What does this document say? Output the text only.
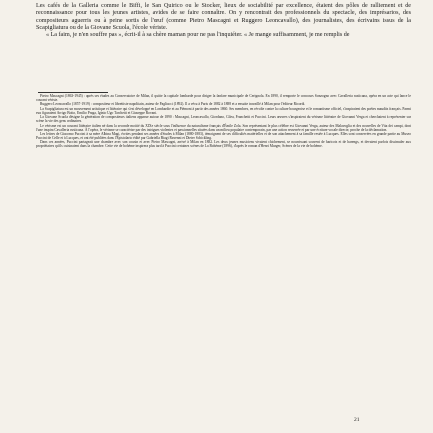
Les cafés de la Galleria comme le Biffi, le San Quirico ou le Stocker, lieux de sociabilité par excellence, étaient des pôles de ralliement et de reconnaissance pour tous les jeunes artistes, avides de se faire connaître. On y rencontrait des professionnels du spectacle, des imprésarios, des compositeurs aguerris ou à peine sortis de l'œuf (comme Pietro Mascagni et Ruggero Leoncavallo), des journalistes, des écrivains issus de la Scapigliatura ou de la Giovane Scuola, l'école vériste.

« La faim, je n'en souffre pas », écrit-il à sa chère maman pour ne pas l'inquiéter. « Je mange suffisamment, je me remplis de

Pietro Mascagni (1863-1945) : après ses études au Conservatoire de Milan, il quitte la capitale lombarde pour diriger la fanfare municipale de Cerignola. En 1890, il remporte le concours Sonzogno avec Cavalleria rusticana, opéra en un acte qui lance le courant vériste.

Ruggero Leoncavallo (1857-1919) : compositeur et librettiste napolitain, auteur de Pagliacci (1892). Il a vécu à Paris de 1882 à 1888 et a ensuite travaillé à Milan pour l'éditeur Ricordi.

La Scapigliatura est un mouvement artistique et littéraire qui s'est développé en Lombardie et au Piémont à partir des années 1860. Ses membres, en révolte contre la culture bourgeoise et le romantisme officiel, s'inspiraient des poètes maudits français. Parmi eux figuraient Arrigo Boito, Emilio Praga, Iginio Ugo Tarchetti et Giuseppe Rovani.

La Giovane Scuola désigne la génération de compositeurs italiens apparue autour de 1890 : Mascagni, Leoncavallo, Giordano, Cilea, Franchetti et Puccini. Leurs œuvres s'inspiraient du vérisme littéraire de Giovanni Verga et cherchaient à représenter sur scène la vie des gens ordinaires.

Le vérisme est un courant littéraire italien né dans la seconde moitié du XIXe siècle sous l'influence du naturalisme français d'Émile Zola. Son représentant le plus célèbre est Giovanni Verga, auteur des Malavoglia et des nouvelles de Vita dei campi, dont l'une inspira Cavalleria rusticana. À l'opéra, le vérisme se caractérise par des intrigues violentes et passionnelles situées dans un milieu populaire contemporain, par une action resserrée et par une écriture vocale directe, proche de la déclamation.

Les lettres de Giacomo Puccini à sa mère Albina Magi, écrites pendant ses années d'études à Milan (1880-1883), témoignent de ses difficultés matérielles et de son attachement à sa famille restée à Lucques. Elles sont conservées en grande partie au Museo Puccini de Celle et à Lucques, et ont été publiées dans l'Epistolario édité par Gabriella Biagi Ravenni et Dieter Schickling.

Dans ces années, Puccini partageait une chambre avec son cousin et avec Pietro Mascagni, arrivé à Milan en 1882. Les deux jeunes musiciens vivaient chichement, se nourrissant souvent de haricots et de harengs, et devaient parfois dissimuler aux propriétaires qu'ils cuisinaient dans la chambre. Cette vie de bohème inspirera plus tard à Puccini certaines scènes de La Bohème (1896), d'après le roman d'Henri Murger, Scènes de la vie de bohème.

21
